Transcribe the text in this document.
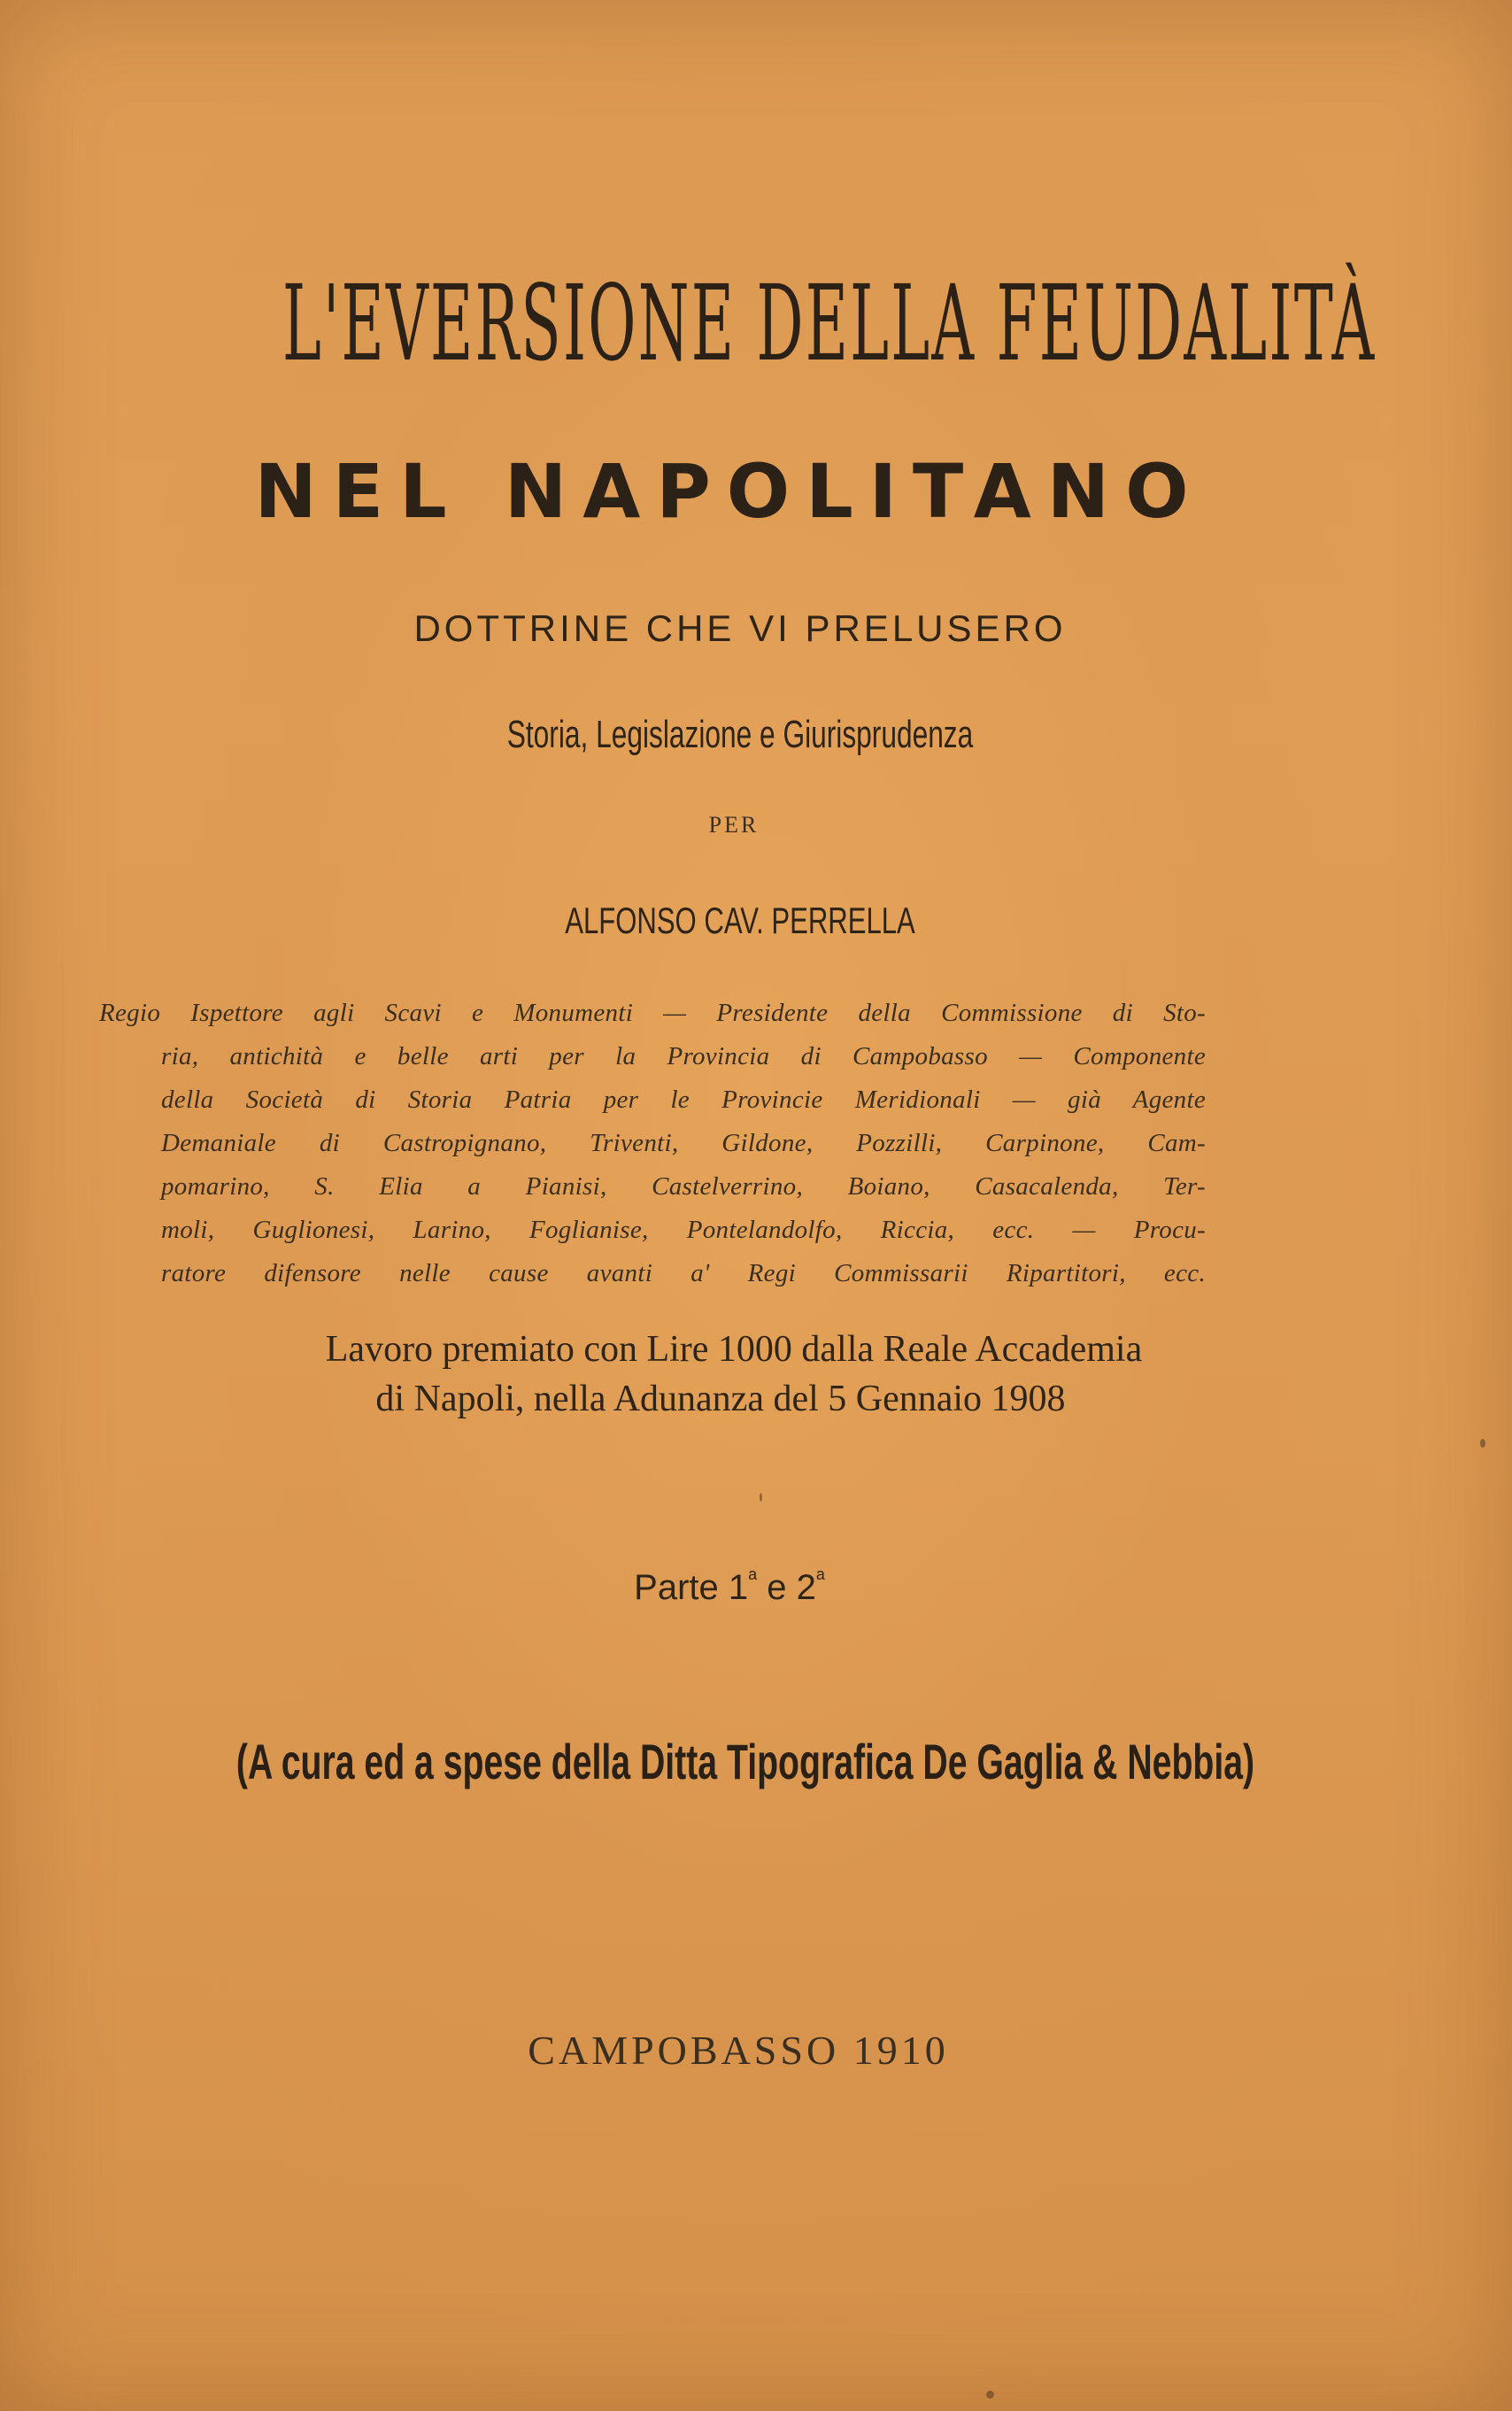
L'EVERSIONE DELLA FEUDALITÀ
NEL NAPOLITANO
DOTTRINE CHE VI PRELUSERO
Storia, Legislazione e Giurisprudenza
PER
ALFONSO CAV. PERRELLA
Regio Ispettore agli Scavi e Monumenti — Presidente della Commissione di Sto-
ria, antichità e belle arti per la Provincia di Campobasso — Componente
della Società di Storia Patria per le Provincie Meridionali — già Agente
Demaniale di Castropignano, Triventi, Gildone, Pozzilli, Carpinone, Cam-
pomarino, S. Elia a Pianisi, Castelverrino, Boiano, Casacalenda, Ter-
moli, Guglionesi, Larino, Foglianise, Pontelandolfo, Riccia, ecc. — Procu-
ratore difensore nelle cause avanti a' Regi Commissarii Ripartitori, ecc.
Lavoro premiato con Lire 1000 dalla Reale Accademia
di Napoli, nella Adunanza del 5 Gennaio 1908
Parte 1$^a$ e 2$^a$
(A cura ed a spese della Ditta Tipografica De Gaglia & Nebbia)
CAMPOBASSO 1910
